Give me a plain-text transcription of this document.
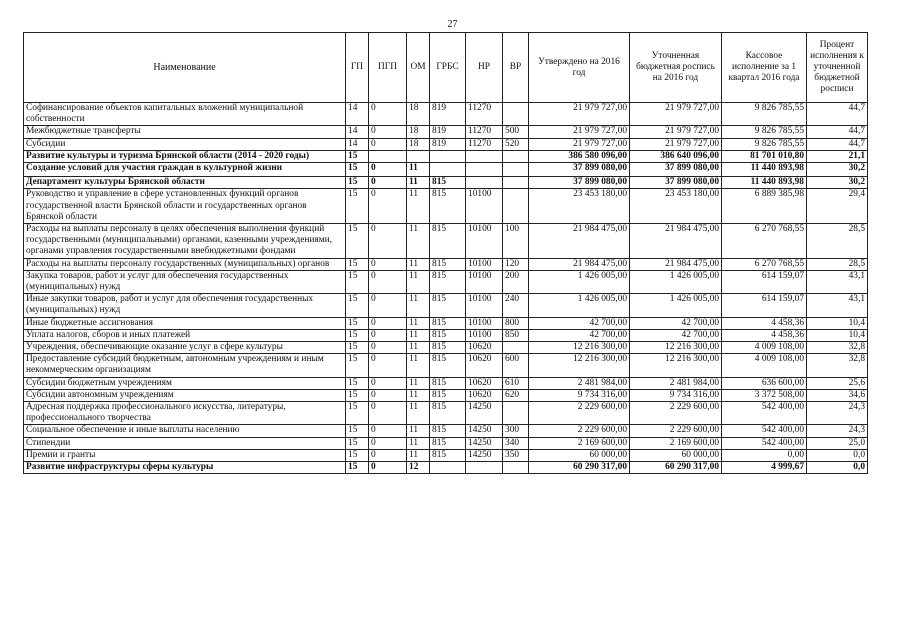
27
Наименование	ГП	ПГП	ОМ	ГРБС	НР	ВР	Утверждено на 2016 год	Уточненная бюджетная роспись на 2016 год	Кассовое исполнение за 1 квартал 2016 года	Процент исполнения к уточненной бюджетной росписи
Софинансирование объектов капитальных вложений муниципальной собственности	14	0	18	819	11270		21 979 727,00	21 979 727,00	9 826 785,55	44,7
Межбюджетные трансферты	14	0	18	819	11270	500	21 979 727,00	21 979 727,00	9 826 785,55	44,7
Субсидии	14	0	18	819	11270	520	21 979 727,00	21 979 727,00	9 826 785,55	44,7
Развитие культуры и туризма Брянской области (2014 - 2020 годы)	15						386 580 096,00	386 640 096,00	81 701 010,80	21,1
Создание условий для участия граждан в культурной жизни	15	0	11				37 899 080,00	37 899 080,00	11 440 893,98	30,2
Департамент культуры Брянской области	15	0	11	815			37 899 080,00	37 899 080,00	11 440 893,98	30,2
Руководство и управление в сфере установленных функций органов государственной власти Брянской области и государственных органов Брянской области	15	0	11	815	10100		23 453 180,00	23 453 180,00	6 889 385,98	29,4
Расходы на выплаты персоналу в целях обеспечения выполнения функций государственными (муниципальными) органами, казенными учреждениями, органами управления государственными внебюджетными фондами	15	0	11	815	10100	100	21 984 475,00	21 984 475,00	6 270 768,55	28,5
Расходы на выплаты персоналу государственных (муниципальных) органов	15	0	11	815	10100	120	21 984 475,00	21 984 475,00	6 270 768,55	28,5
Закупка товаров, работ и услуг для обеспечения государственных (муниципальных) нужд	15	0	11	815	10100	200	1 426 005,00	1 426 005,00	614 159,07	43,1
Иные закупки товаров, работ и услуг для обеспечения государственных (муниципальных) нужд	15	0	11	815	10100	240	1 426 005,00	1 426 005,00	614 159,07	43,1
Иные бюджетные ассигнования	15	0	11	815	10100	800	42 700,00	42 700,00	4 458,36	10,4
Уплата налогов, сборов и иных платежей	15	0	11	815	10100	850	42 700,00	42 700,00	4 458,36	10,4
Учреждения, обеспечивающие оказание услуг в сфере культуры	15	0	11	815	10620		12 216 300,00	12 216 300,00	4 009 108,00	32,8
Предоставление субсидий бюджетным, автономным учреждениям и иным некоммерческим организациям	15	0	11	815	10620	600	12 216 300,00	12 216 300,00	4 009 108,00	32,8
Субсидии бюджетным учреждениям	15	0	11	815	10620	610	2 481 984,00	2 481 984,00	636 600,00	25,6
Субсидии автономным учреждениям	15	0	11	815	10620	620	9 734 316,00	9 734 316,00	3 372 508,00	34,6
Адресная поддержка профессионального искусства, литературы, профессионального творчества	15	0	11	815	14250		2 229 600,00	2 229 600,00	542 400,00	24,3
Социальное обеспечение и иные выплаты населению	15	0	11	815	14250	300	2 229 600,00	2 229 600,00	542 400,00	24,3
Стипендии	15	0	11	815	14250	340	2 169 600,00	2 169 600,00	542 400,00	25,0
Премии и гранты	15	0	11	815	14250	350	60 000,00	60 000,00	0,00	0,0
Развитие инфраструктуры сферы культуры	15	0	12				60 290 317,00	60 290 317,00	4 999,67	0,0
